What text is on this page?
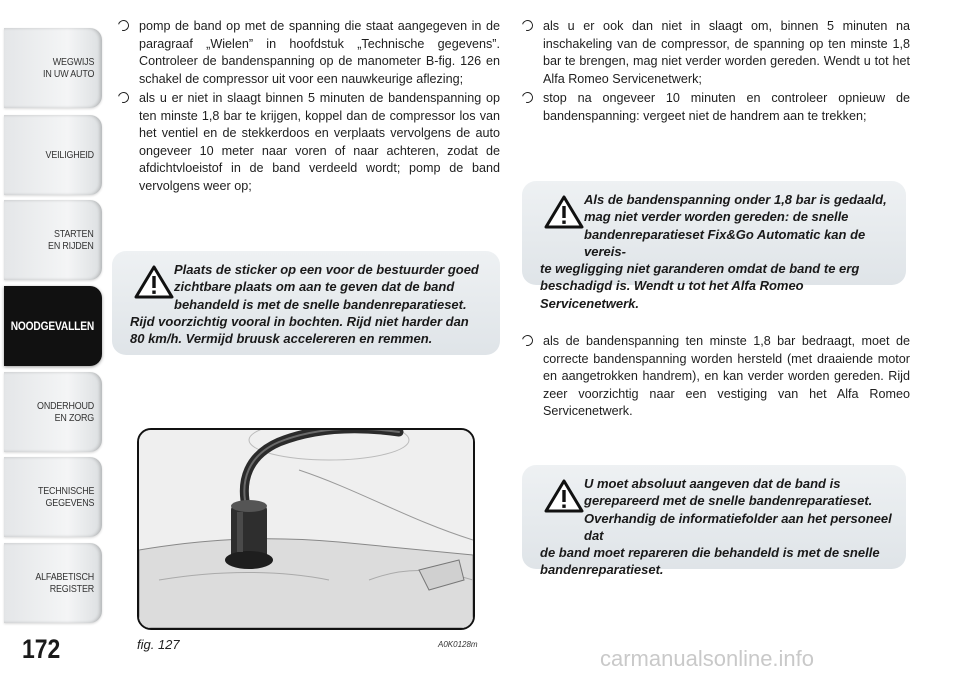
WEGWIJS
IN UW AUTO
VEILIGHEID
STARTEN
EN RIJDEN
NOODGEVALLEN
ONDERHOUD
EN ZORG
TECHNISCHE
GEGEVENS
ALFABETISCH
REGISTER
172

pomp de band op met de spanning die staat aangegeven in de paragraaf „Wielen” in hoofdstuk „Technische gegevens”. Controleer de bandenspanning op de manometer B-fig. 126 en schakel de compressor uit voor een nauwkeurige aflezing;

als u er niet in slaagt binnen 5 minuten de bandenspanning op ten minste 1,8 bar te krijgen, koppel dan de compressor los van het ventiel en de stekkerdoos en verplaats vervolgens de auto ongeveer 10 meter naar voren of naar achteren, zodat de afdichtvloeistof in de band verdeeld wordt; pomp de band vervolgens weer op;

Plaats de sticker op een voor de bestuurder goed zichtbare plaats om aan te geven dat de band behandeld is met de snelle bandenreparatieset.
Rijd voorzichtig vooral in bochten. Rijd niet harder dan 80 km/h. Vermijd bruusk accelereren en remmen.
fig. 127	A0K0128m

als u er ook dan niet in slaagt om, binnen 5 minuten na inschakeling van de compressor, de spanning op ten minste 1,8 bar te brengen, mag niet verder worden gereden. Wendt u tot het Alfa Romeo Servicenetwerk;

stop na ongeveer 10 minuten en controleer opnieuw de bandenspanning: vergeet niet de handrem aan te trekken;

Als de bandenspanning onder 1,8 bar is gedaald, mag niet verder worden gereden: de snelle bandenreparatieset Fix&Go Automatic kan de vereis-
te wegligging niet garanderen omdat de band te erg beschadigd is. Wendt u tot het Alfa Romeo Servicenetwerk.

als de bandenspanning ten minste 1,8 bar bedraagt, moet de correcte bandenspanning worden hersteld (met draaiende motor en aangetrokken handrem), en kan verder worden gereden. Rijd zeer voorzichtig naar een vestiging van het Alfa Romeo Servicenetwerk.

U moet absoluut aangeven dat de band is gerepareerd met de snelle bandenreparatieset. Overhandig de informatiefolder aan het personeel dat
de band moet repareren die behandeld is met de snelle bandenreparatieset.
carmanualsonline.info
